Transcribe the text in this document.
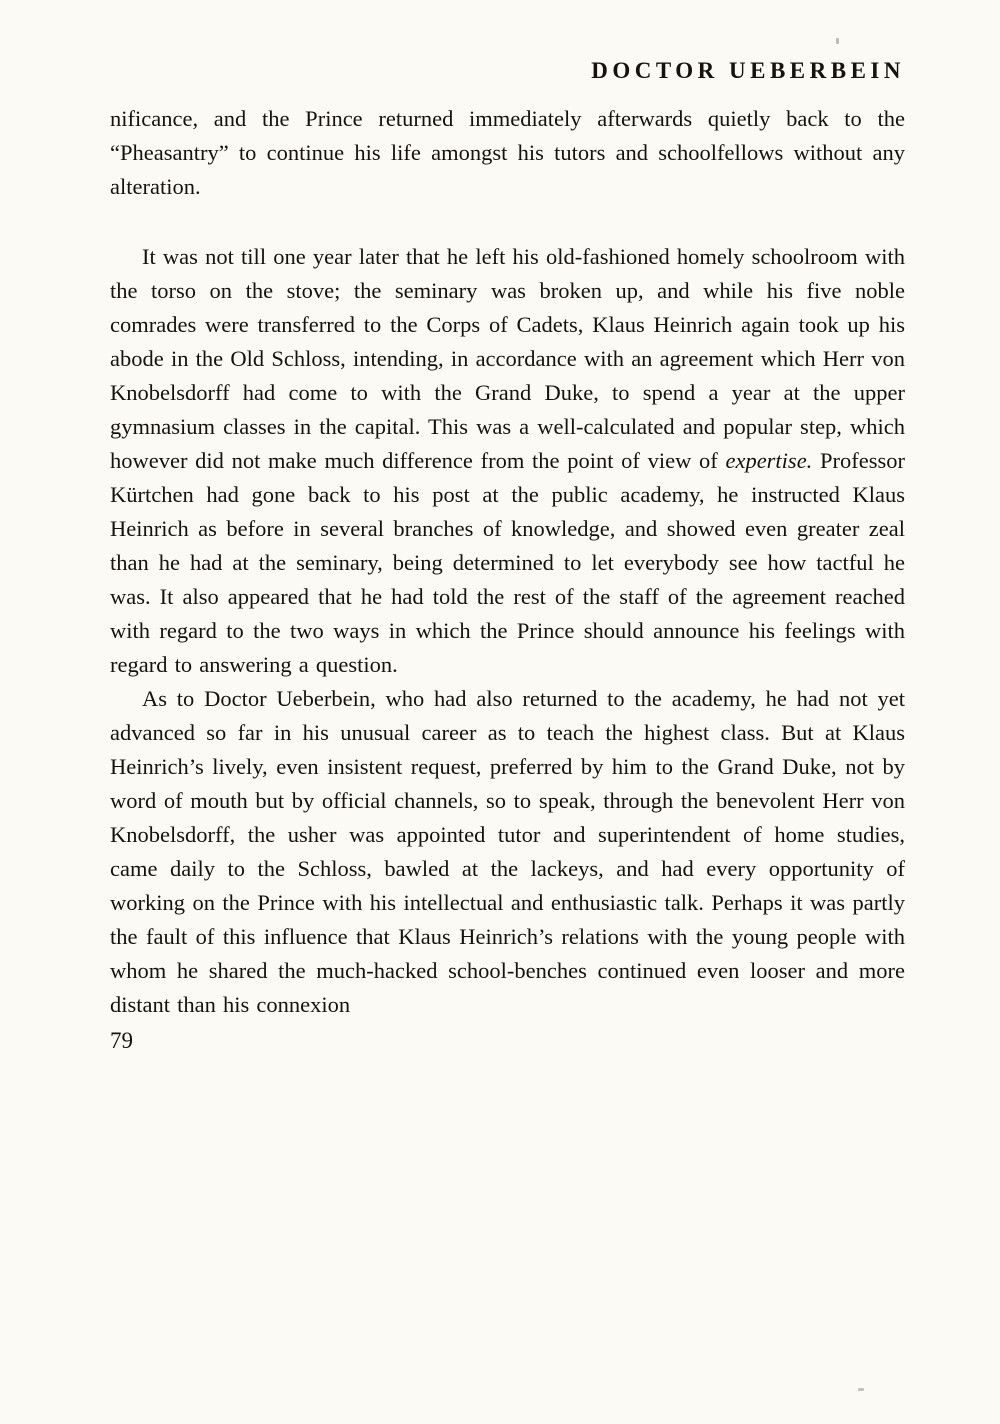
DOCTOR UEBERBEIN

nificance, and the Prince returned immediately afterwards quietly back to the “Pheasantry” to continue his life amongst his tutors and schoolfellows without any alteration.

It was not till one year later that he left his old-fashioned homely schoolroom with the torso on the stove; the seminary was broken up, and while his five noble comrades were transferred to the Corps of Cadets, Klaus Heinrich again took up his abode in the Old Schloss, intending, in accordance with an agreement which Herr von Knobelsdorff had come to with the Grand Duke, to spend a year at the upper gymnasium classes in the capital. This was a well-calculated and popular step, which however did not make much difference from the point of view of expertise. Professor Kürtchen had gone back to his post at the public academy, he instructed Klaus Heinrich as before in several branches of knowledge, and showed even greater zeal than he had at the seminary, being determined to let everybody see how tactful he was. It also appeared that he had told the rest of the staff of the agreement reached with regard to the two ways in which the Prince should announce his feelings with regard to answering a question.

As to Doctor Ueberbein, who had also returned to the academy, he had not yet advanced so far in his unusual career as to teach the highest class. But at Klaus Heinrich’s lively, even insistent request, preferred by him to the Grand Duke, not by word of mouth but by official channels, so to speak, through the benevolent Herr von Knobelsdorff, the usher was appointed tutor and superintendent of home studies, came daily to the Schloss, bawled at the lackeys, and had every opportunity of working on the Prince with his intellectual and enthusiastic talk. Perhaps it was partly the fault of this influence that Klaus Heinrich’s relations with the young people with whom he shared the much-hacked school-benches continued even looser and more distant than his connexion

79
